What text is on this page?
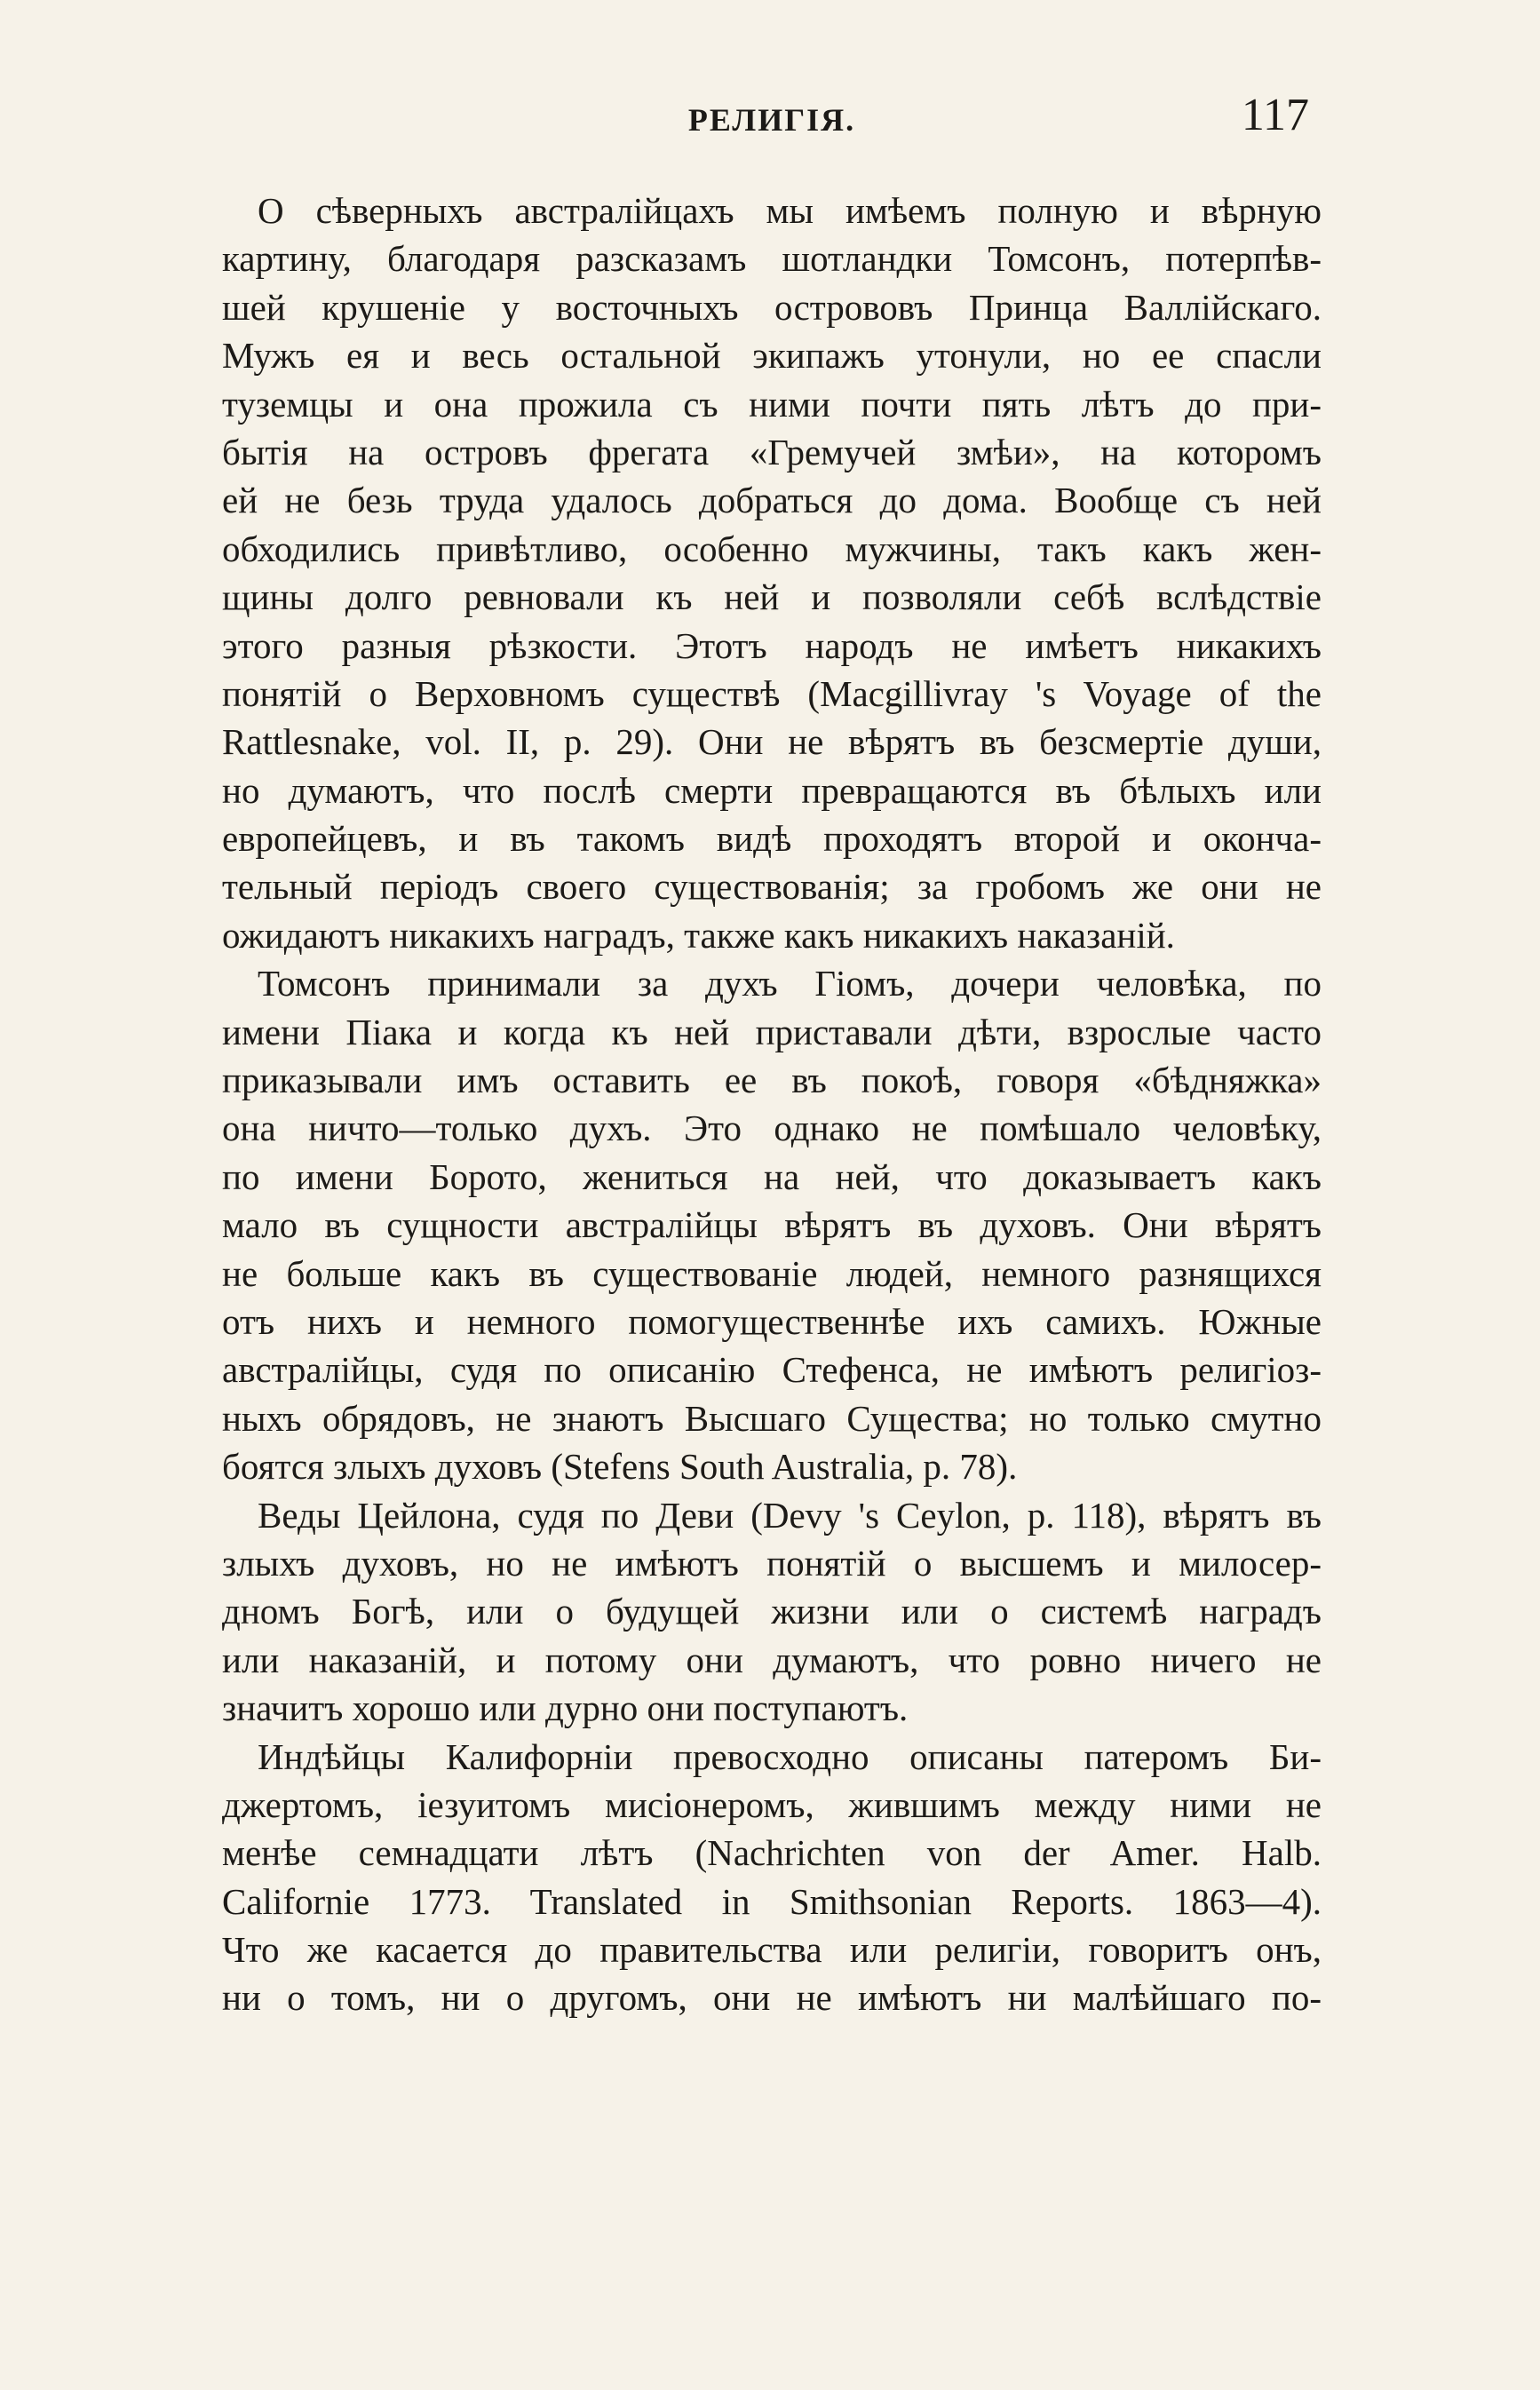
РЕЛИГІЯ.	117
О сѣверныхъ австралійцахъ мы имѣемъ полную и вѣрную
картину, благодаря разсказамъ шотландки Томсонъ, потерпѣв-
шей крушеніе у восточныхъ острововъ Принца Валлійскаго.
Мужъ ея и весь остальной экипажъ утонули, но ее спасли
туземцы и она прожила съ ними почти пять лѣтъ до при-
бытія на островъ фрегата «Гремучей змѣи», на которомъ
ей не безь труда удалось добраться до дома. Вообще съ ней
обходились привѣтливо, особенно мужчины, такъ какъ жен-
щины долго ревновали къ ней и позволяли себѣ вслѣдствіе
этого разныя рѣзкости. Этотъ народъ не имѣетъ никакихъ
понятій о Верховномъ существѣ (Macgillivray 's Voyage of the
Rattlesnake, vol. II, p. 29). Они не вѣрятъ въ безсмертіе души,
но думаютъ, что послѣ смерти превращаются въ бѣлыхъ или
европейцевъ, и въ такомъ видѣ проходятъ второй и оконча-
тельный періодъ своего существованія; за гробомъ же они не
ожидаютъ никакихъ наградъ, также какъ никакихъ наказаній.
Томсонъ принимали за духъ Гіомъ, дочери человѣка, по
имени Піака и когда къ ней приставали дѣти, взрослые часто
приказывали имъ оставить ее въ покоѣ, говоря «бѣдняжка»
она ничто—только духъ. Это однако не помѣшало человѣку,
по имени Борото, жениться на ней, что доказываетъ какъ
мало въ сущности австралійцы вѣрятъ въ духовъ. Они вѣрятъ
не больше какъ въ существованіе людей, немного разнящихся
отъ нихъ и немного помогущественнѣе ихъ самихъ. Южные
австралійцы, судя по описанію Стефенса, не имѣютъ религіоз-
ныхъ обрядовъ, не знаютъ Высшаго Существа; но только смутно
боятся злыхъ духовъ (Stefens South Australia, p. 78).
Веды Цейлона, судя по Деви (Devy 's Ceylon, p. 118), вѣрятъ въ
злыхъ духовъ, но не имѣютъ понятій о высшемъ и милосер-
дномъ Богѣ, или о будущей жизни или о системѣ наградъ
или наказаній, и потому они думаютъ, что ровно ничего не
значитъ хорошо или дурно они поступаютъ.
Индѣйцы Калифорніи превосходно описаны патеромъ Би-
джертомъ, іезуитомъ мисіонеромъ, жившимъ между ними не
менѣе семнадцати лѣтъ (Nachrichten von der Amer. Halb.
Californie 1773. Translated in Smithsonian Reports. 1863—4).
Что же касается до правительства или религіи, говоритъ онъ,
ни о томъ, ни о другомъ, они не имѣютъ ни малѣйшаго по-
